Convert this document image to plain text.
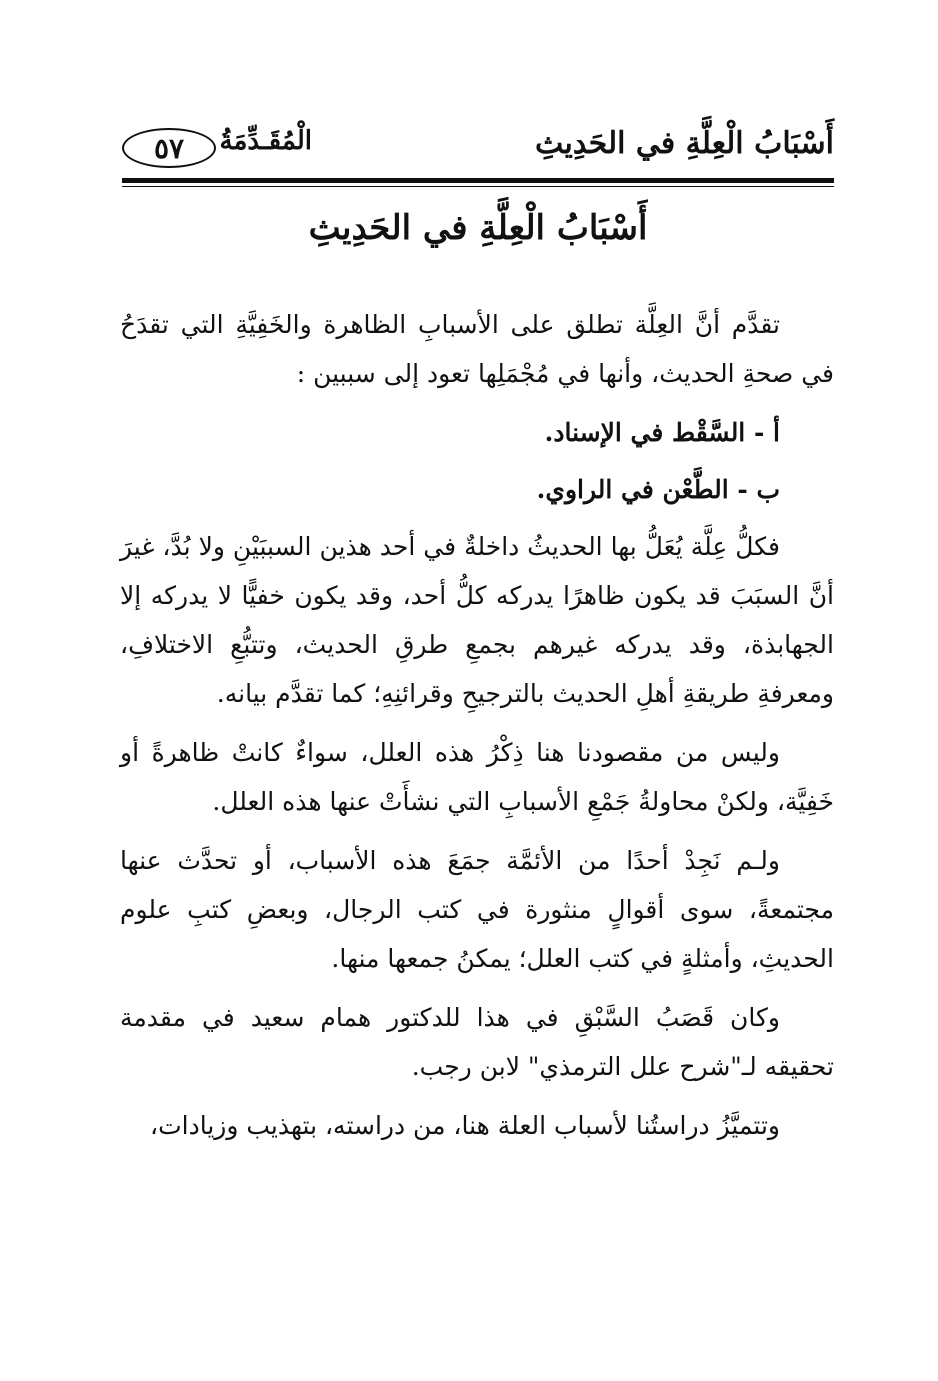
أَسْبَابُ الْعِلَّةِ في الحَدِيثِ
الْمُقَـدِّمَةُ
٥٧
أَسْبَابُ الْعِلَّةِ في الحَدِيثِ

تقدَّم أنَّ العِلَّة تطلق على الأسبابِ الظاهرة والخَفِيَّةِ التي تقدَحُ في صحةِ الحديث، وأنها في مُجْمَلِها تعود إلى سببين :

أ - السَّقْط في الإسناد.

ب - الطَّعْن في الراوي.

فكلُّ عِلَّة يُعَلُّ بها الحديثُ داخلةٌ في أحد هذين السببَيْنِ ولا بُدَّ، غيرَ أنَّ السبَبَ قد يكون ظاهرًا يدركه كلُّ أحد، وقد يكون خفيًّا لا يدركه إلا الجهابذة، وقد يدركه غيرهم بجمعِ طرقِ الحديث، وتتبُّعِ الاختلافِ، ومعرفةِ طريقةِ أهلِ الحديث بالترجيحِ وقرائنِهِ؛ كما تقدَّم بيانه.

وليس من مقصودنا هنا ذِكْرُ هذه العلل، سواءٌ كانتْ ظاهرةً أو خَفِيَّة، ولكنْ محاولةُ جَمْعِ الأسبابِ التي نشأَتْ عنها هذه العلل.

ولـم نَجِدْ أحدًا من الأئمَّة جمَعَ هذه الأسباب، أو تحدَّث عنها مجتمعةً، سوى أقوالٍ منثورة في كتب الرجال، وبعضِ كتبِ علوم الحديثِ، وأمثلةٍ في كتب العلل؛ يمكنُ جمعها منها.

وكان قَصَبُ السَّبْقِ في هذا للدكتور همام سعيد في مقدمة تحقيقه لـ"شرح علل الترمذي" لابن رجب.

وتتميَّزُ دراستُنا لأسباب العلة هنا، من دراسته، بتهذيب وزيادات،
